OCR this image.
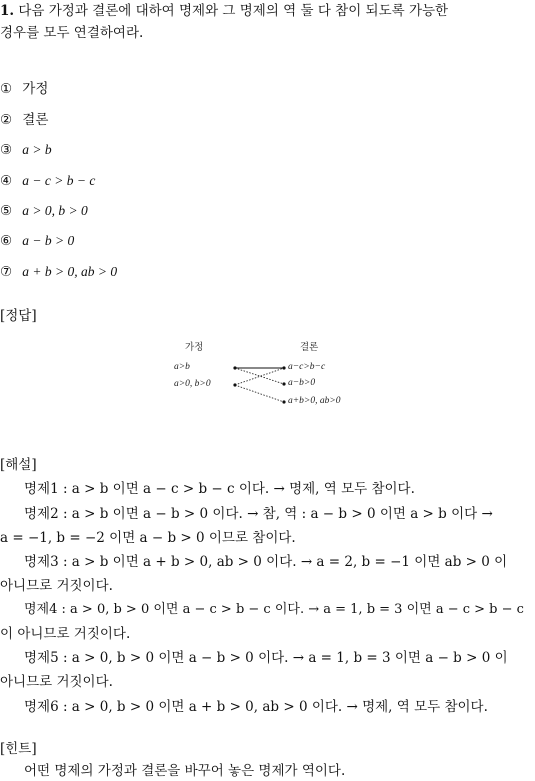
1. 다음 가정과 결론에 대하여 명제와 그 명제의 역 둘 다 참이 되도록 가능한
경우를 모두 연결하여라.
① 가정
② 결론
③ a > b
④ a − c > b − c
⑤ a > 0, b > 0
⑥ a − b > 0
⑦ a + b > 0, ab > 0
[정답]
가정	결론
a>b
a>0, b>0
a−c>b−c
a−b>0
a+b>0, ab>0
[해설]
명제1 : a > b 이면 a − c > b − c 이다. → 명제, 역 모두 참이다.
명제2 : a > b 이면 a − b > 0 이다. → 참, 역 : a − b > 0 이면 a > b 이다 →
a = −1, b = −2 이면 a − b > 0 이므로 참이다.
명제3 : a > b 이면 a + b > 0, ab > 0 이다. → a = 2, b = −1 이면 ab > 0 이
아니므로 거짓이다.
명제4 : a > 0, b > 0 이면 a − c > b − c 이다. → a = 1, b = 3 이면 a − c > b − c
이 아니므로 거짓이다.
명제5 : a > 0, b > 0 이면 a − b > 0 이다. → a = 1, b = 3 이면 a − b > 0 이
아니므로 거짓이다.
명제6 : a > 0, b > 0 이면 a + b > 0, ab > 0 이다. → 명제, 역 모두 참이다.
[힌트]
어떤 명제의 가정과 결론을 바꾸어 놓은 명제가 역이다.
